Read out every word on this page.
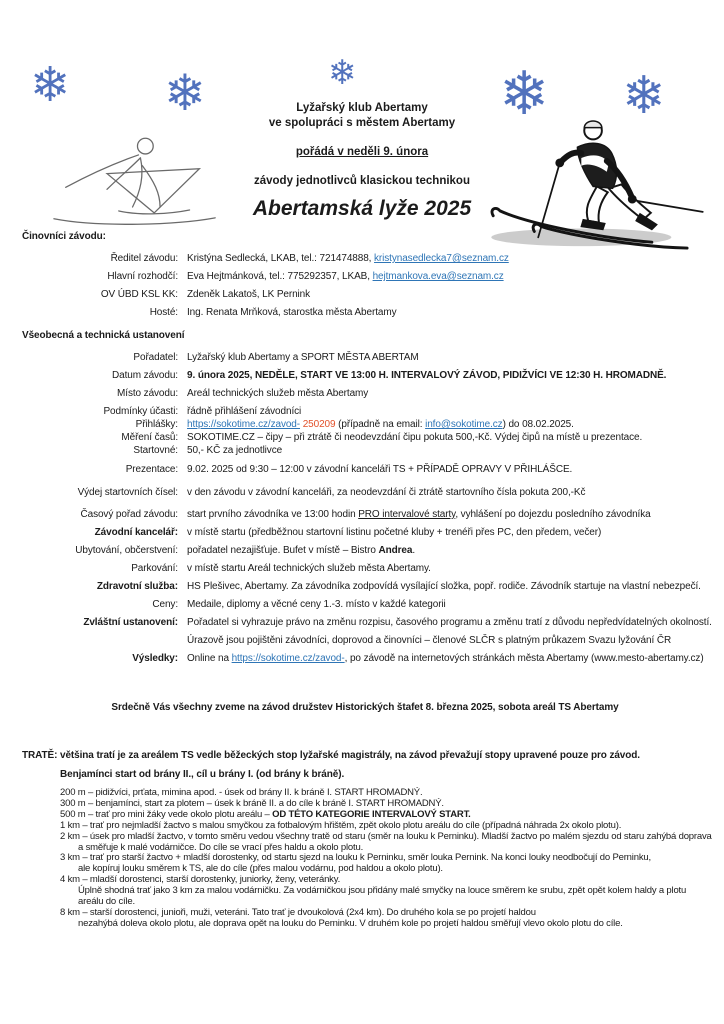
❄ ❄	❄ ❄ ❄
Lyžařský klub Abertamy
ve spolupráci s městem Abertamy
pořádá v neděli 9. února
závody jednotlivců klasickou technikou
Abertamská lyže 2025
Činovníci závodu:
Ředitel závodu: Kristýna Sedlecká, LKAB, tel.: 721474888, kristynasedlecka7@seznam.cz
Hlavní rozhodčí: Eva Hejtmánková, tel.: 775292357, LKAB, hejtmankova.eva@seznam.cz
OV ÚBD KSL KK: Zdeněk Lakatoš, LK Pernink
Hosté: Ing. Renata Mrňková, starostka města Abertamy
Všeobecná a technická ustanovení
Pořadatel: Lyžařský klub Abertamy a SPORT MĚSTA ABERTAM
Datum závodu: 9. února 2025, NEDĚLE, START VE 13:00 H. INTERVALOVÝ ZÁVOD, PIDIŽVÍCI VE 12:30 H. HROMADNĚ.
Místo závodu: Areál technických služeb města Abertamy
Podmínky účasti: řádně přihlášení závodníci
Přihlášky: https://sokotime.cz/zavod- 250209 (případně na email: info@sokotime.cz) do 08.02.2025.
Měření časů: SOKOTIME.CZ – čipy – při ztrátě či neodevzdání čipu pokuta 500,-Kč. Výdej čipů na místě u prezentace.
Startovné: 50,- KČ za jednotlivce
Prezentace: 9.02. 2025 od 9:30 – 12:00 v závodní kanceláři TS + PŘÍPADĚ OPRAVY V PŘIHLÁŠCE.
Výdej startovních čísel: v den závodu v závodní kanceláři, za neodevzdání či ztrátě startovního čísla pokuta 200,-Kč
Časový pořad závodu: start prvního závodníka ve 13:00 hodin PRO intervalové starty, vyhlášení po dojezdu posledního závodníka
Závodní kancelář: v místě startu (předběžnou startovní listinu početné kluby + trenéři přes PC, den předem, večer)
Ubytování, občerstvení: pořadatel nezajišťuje. Bufet v místě – Bistro Andrea.
Parkování: v místě startu Areál technických služeb města Abertamy.
Zdravotní služba: HS Plešivec, Abertamy. Za závodníka zodpovídá vysílající složka, popř. rodiče. Závodník startuje na vlastní nebezpečí.
Ceny: Medaile, diplomy a věcné ceny 1.-3. místo v každé kategorii
Zvláštní ustanovení: Pořadatel si vyhrazuje právo na změnu rozpisu, časového programu a změnu tratí z důvodu nepředvídatelných okolností.
Úrazově jsou pojištěni závodníci, doprovod a činovníci – členové SLČR s platným průkazem Svazu lyžování ČR
Výsledky: Online na https://sokotime.cz/zavod-, po závodě na internetových stránkách města Abertamy (www.mesto-abertamy.cz)
Srdečně Vás všechny zveme na závod družstev Historických štafet 8. března 2025, sobota areál TS Abertamy
TRATĚ: většina tratí je za areálem TS vedle běžeckých stop lyžařské magistrály, na závod převažují stopy upravené pouze pro závod.
Benjamínci start od brány II., cíl u brány I. (od brány k bráně).
200 m – pidižvíci, prťata, mimina apod. - úsek od brány II. k bráně I. START HROMADNÝ.
300 m – benjamínci, start za plotem – úsek k bráně II. a do cíle k bráně I. START HROMADNÝ.
500 m – trať pro mini žáky vede okolo plotu areálu – OD TÉTO KATEGORIE INTERVALOVÝ START.
1 km – trať pro nejmladší žactvo s malou smyčkou za fotbalovým hřištěm, zpět okolo plotu areálu do cíle (případná náhrada 2x okolo plotu).
2 km – úsek pro mladší žactvo, v tomto směru vedou všechny tratě od staru (směr na louku k Perninku). Mladší žactvo po malém sjezdu od staru zahýbá doprava
a směřuje k malé vodárničce. Do cíle se vrací přes haldu a okolo plotu.
3 km – trať pro starší žactvo + mladší dorostenky, od startu sjezd na louku k Perninku, směr louka Pernink. Na konci louky neodbočují do Perninku,
ale kopíruj louku směrem k TS, ale do cíle (přes malou vodárnu, pod haldou a okolo plotu).
4 km – mladší dorostenci, starší dorostenky, juniorky, ženy, veteránky.
Úplně shodná trať jako 3 km za malou vodárničku. Za vodárničkou jsou přidány malé smyčky na louce směrem ke srubu, zpět opět kolem haldy a plotu
areálu do cíle.
8 km – starší dorostenci, junioři, muži, veteráni. Tato trať je dvoukolová (2x4 km). Do druhého kola se po projetí haldou
nezahýbá doleva okolo plotu, ale doprava opět na louku do Perninku. V druhém kole po projetí haldou směřují vlevo okolo plotu do cíle.
